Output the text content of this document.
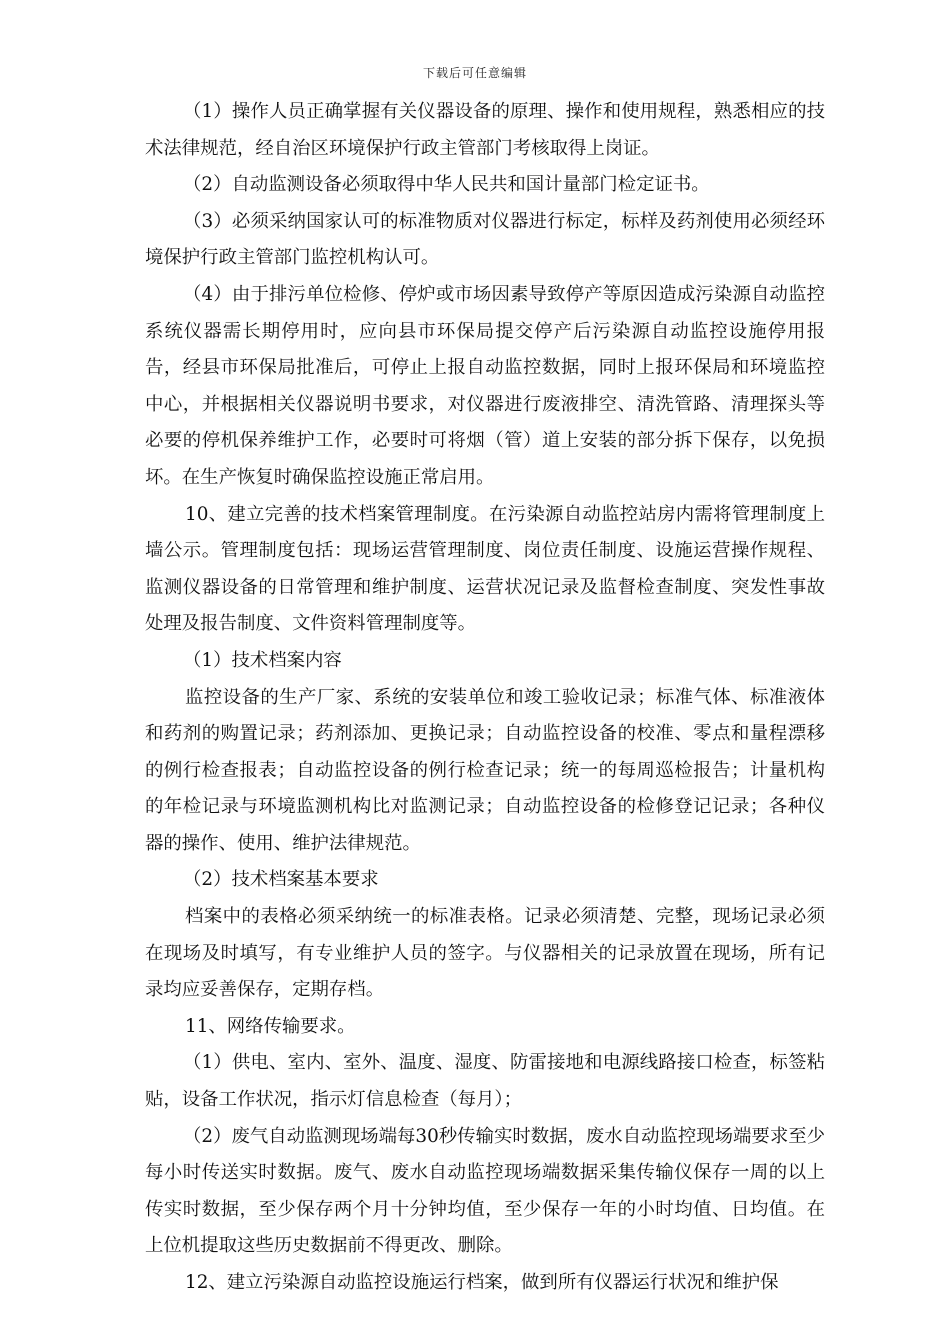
下载后可任意编辑

（1）操作人员正确掌握有关仪器设备的原理、操作和使用规程，熟悉相应的技术法律规范，经自治区环境保护行政主管部门考核取得上岗证。

（2）自动监测设备必须取得中华人民共和国计量部门检定证书。

（3）必须采纳国家认可的标准物质对仪器进行标定，标样及药剂使用必须经环境保护行政主管部门监控机构认可。

（4）由于排污单位检修、停炉或市场因素导致停产等原因造成污染源自动监控系统仪器需长期停用时，应向县市环保局提交停产后污染源自动监控设施停用报告，经县市环保局批准后，可停止上报自动监控数据，同时上报环保局和环境监控中心，并根据相关仪器说明书要求，对仪器进行废液排空、清洗管路、清理探头等必要的停机保养维护工作，必要时可将烟（管）道上安装的部分拆下保存，以免损坏。在生产恢复时确保监控设施正常启用。

10、建立完善的技术档案管理制度。在污染源自动监控站房内需将管理制度上墙公示。管理制度包括：现场运营管理制度、岗位责任制度、设施运营操作规程、监测仪器设备的日常管理和维护制度、运营状况记录及监督检查制度、突发性事故处理及报告制度、文件资料管理制度等。

（1）技术档案内容

监控设备的生产厂家、系统的安装单位和竣工验收记录；标准气体、标准液体和药剂的购置记录；药剂添加、更换记录；自动监控设备的校准、零点和量程漂移的例行检查报表；自动监控设备的例行检查记录；统一的每周巡检报告；计量机构的年检记录与环境监测机构比对监测记录；自动监控设备的检修登记记录；各种仪器的操作、使用、维护法律规范。

（2）技术档案基本要求

档案中的表格必须采纳统一的标准表格。记录必须清楚、完整，现场记录必须在现场及时填写，有专业维护人员的签字。与仪器相关的记录放置在现场，所有记录均应妥善保存，定期存档。

11、网络传输要求。

（1）供电、室内、室外、温度、湿度、防雷接地和电源线路接口检查，标签粘贴，设备工作状况，指示灯信息检查（每月）；

（2）废气自动监测现场端每30秒传输实时数据，废水自动监控现场端要求至少每小时传送实时数据。废气、废水自动监控现场端数据采集传输仪保存一周的以上传实时数据，至少保存两个月十分钟均值，至少保存一年的小时均值、日均值。在上位机提取这些历史数据前不得更改、删除。

12、建立污染源自动监控设施运行档案，做到所有仪器运行状况和维护保
